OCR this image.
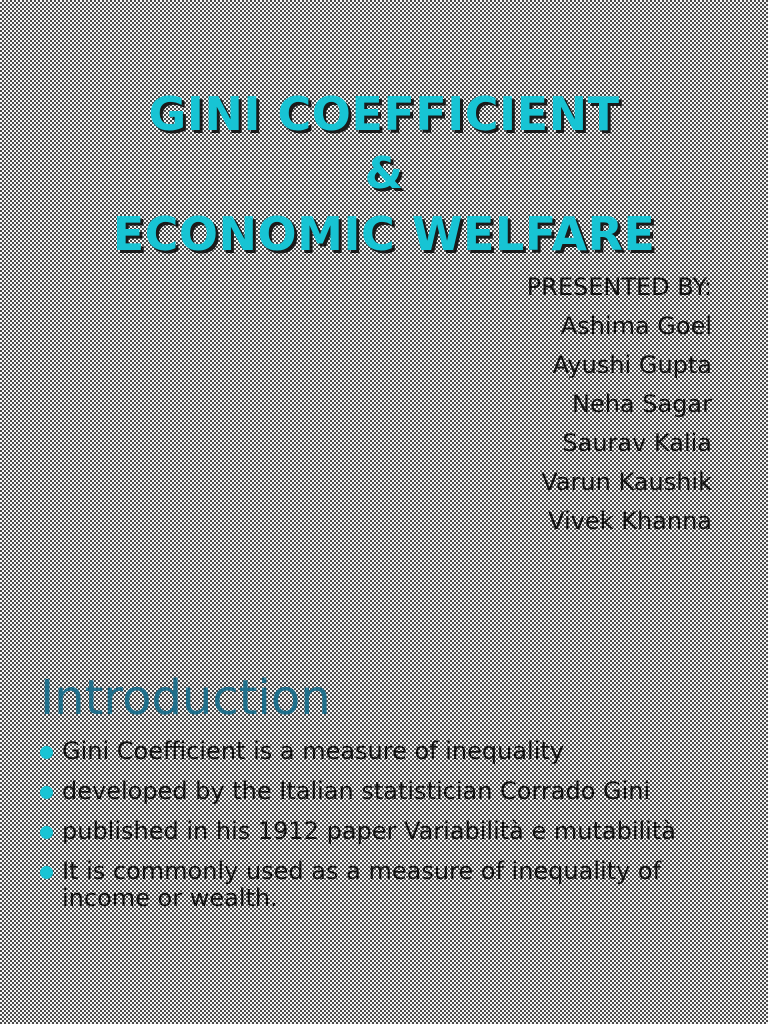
GINI COEFFICIENT
&
ECONOMIC WELFARE
PRESENTED BY:
Ashima Goel
Ayushi Gupta
Neha Sagar
Saurav Kalia
Varun Kaushik
Vivek Khanna
Introduction
Gini Coefficient is a measure of inequality
developed by the Italian statistician Corrado Gini
published in his 1912 paper Variabilità e mutabilità
It is commonly used as a measure of inequality of income or wealth.
